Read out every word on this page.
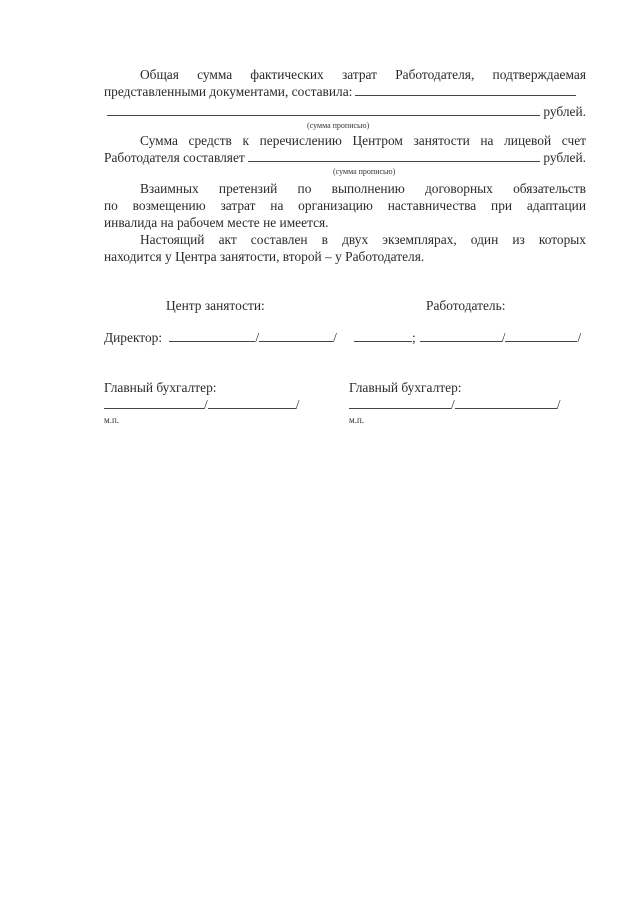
Общая сумма фактических затрат Работодателя, подтверждаемая
представленными документами, составила:
рублей.
(сумма прописью)
Сумма средств к перечислению Центром занятости на лицевой счет
Работодателя составляет	рублей.
(сумма прописью)
Взаимных претензий по выполнению договорных обязательств
по возмещению затрат на организацию наставничества при адаптации
инвалида на рабочем месте не имеется.
Настоящий акт составлен в двух экземплярах, один из которых
находится у Центра занятости, второй – у Работодателя.
Центр занятости:	Работодатель:
Директор:	/	/	;	/	/
Главный бухгалтер:	Главный бухгалтер:
/	/	/	/
м.п.	м.п.
